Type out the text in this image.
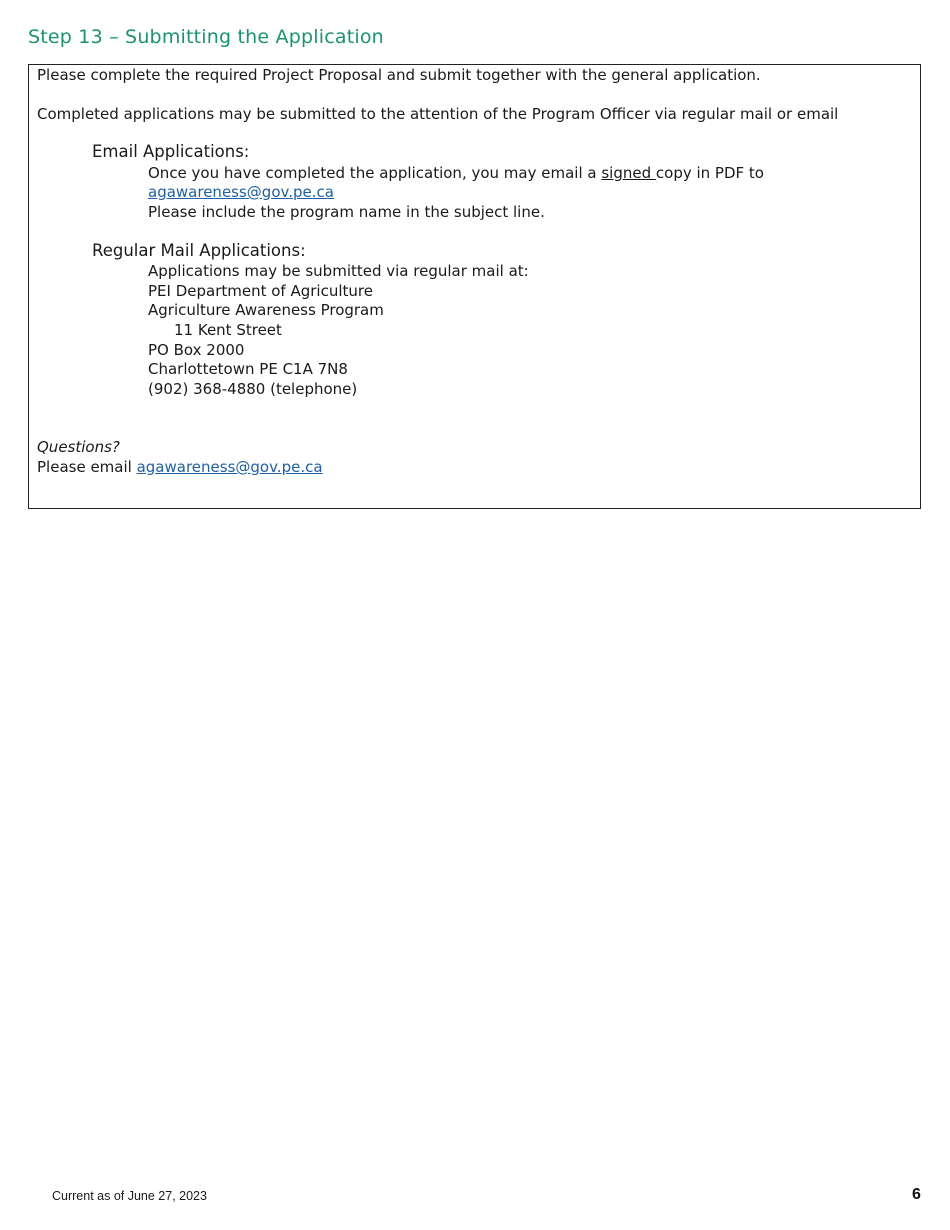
Step 13 – Submitting the Application
Please complete the required Project Proposal and submit together with the general application.
Completed applications may be submitted to the attention of the Program Officer via regular mail or email
Email Applications:
Once you have completed the application, you may email a signed copy in PDF to
agawareness@gov.pe.ca
Please include the program name in the subject line.
Regular Mail Applications:
Applications may be submitted via regular mail at:
PEI Department of Agriculture
Agriculture Awareness Program
11 Kent Street
PO Box 2000
Charlottetown PE C1A 7N8
(902) 368-4880 (telephone)
Questions?
Please email agawareness@gov.pe.ca
Current as of June 27, 2023	6
